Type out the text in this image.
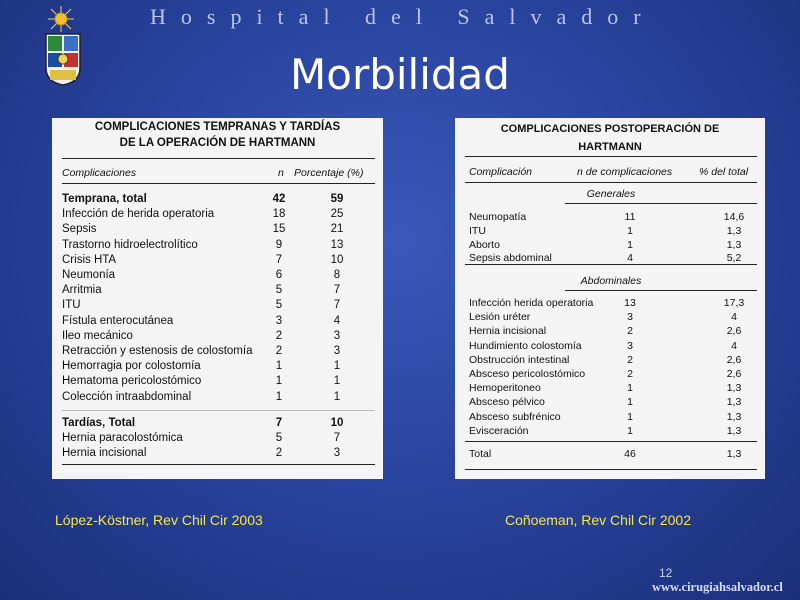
Hospital del Salvador
Morbilidad
COMPLICACIONES TEMPRANAS Y TARDÍAS
DE LA OPERACIÓN DE HARTMANN
Complicaciones	n Porcentaje (%)
Temprana, total	42	59
Infección de herida operatoria	18	25
Sepsis	15	21
Trastorno hidroelectrolítico	9	13
Crisis HTA	7	10
Neumonía	6	8
Arritmia	5	7
ITU	5	7
Fístula enterocutánea	3	4
Ileo mecánico	2	3
Retracción y estenosis de colostomía	2	3
Hemorragia por colostomía	1	1
Hematoma pericolostómico	1	1
Colección intraabdominal	1	1
Tardías, Total	7	10
Hernia paracolostómica	5	7
Hernia incisional	2	3
COMPLICACIONES POSTOPERACIÓN DE
HARTMANN
Complicación	n de complicaciones	% del total
Generales
Abdominales
Neumopatía	11	14,6
ITU	1	1,3
Aborto	1	1,3
Sepsis abdominal	4	5,2
Infección herida operatoria	13	17,3
Lesión uréter	3	4
Hernia incisional	2	2,6
Hundimiento colostomía	3	4
Obstrucción intestinal	2	2,6
Absceso pericolostómico	2	2,6
Hemoperitoneo	1	1,3
Absceso pélvico	1	1,3
Absceso subfrénico	1	1,3
Evisceración	1	1,3
Total	46	1,3
López-Köstner, Rev Chil Cir 2003	Coñoeman, Rev Chil Cir 2002
12
www.cirugiahsalvador.cl
